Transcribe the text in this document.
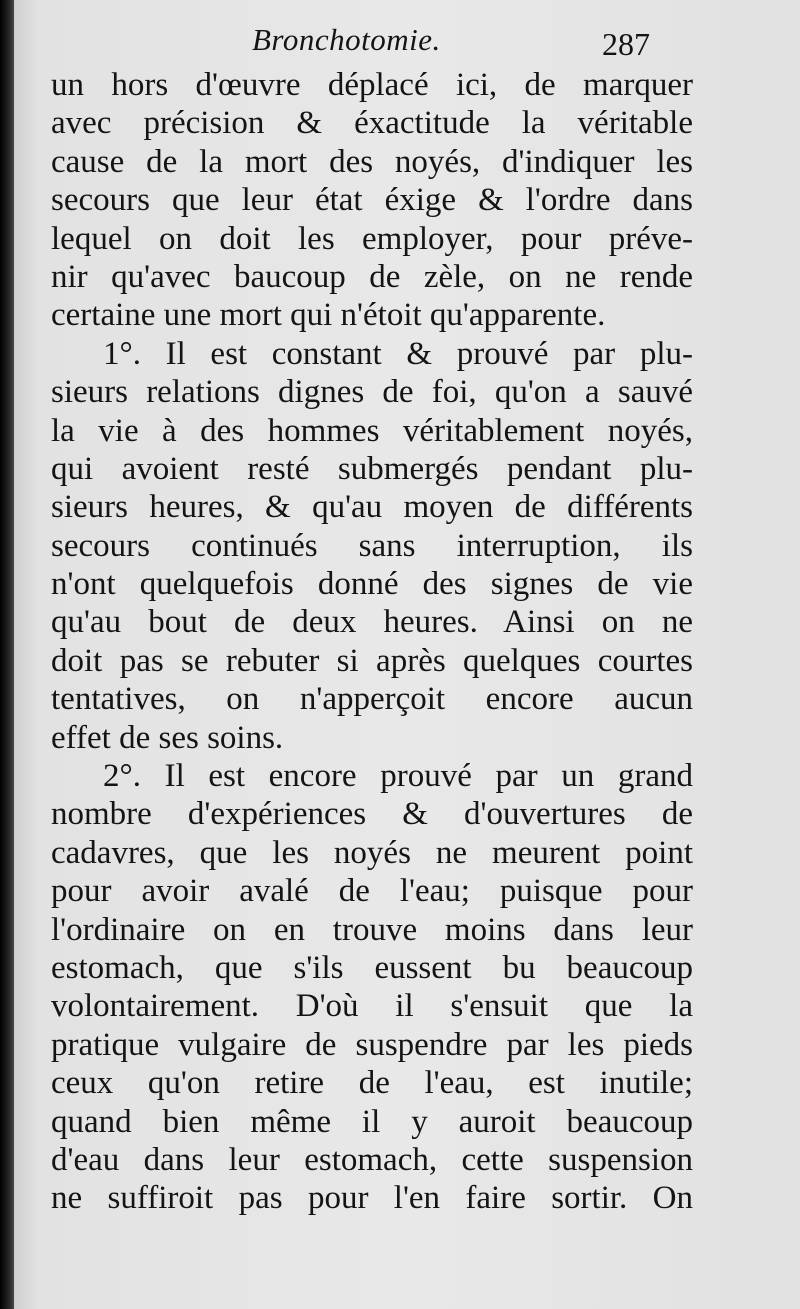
Bronchotomie.	287
un hors d'œuvre déplacé ici, de marquer
avec précision & éxactitude la véritable
cause de la mort des noyés, d'indiquer les
secours que leur état éxige & l'ordre dans
lequel on doit les employer, pour préve-
nir qu'avec baucoup de zèle, on ne rende
certaine une mort qui n'étoit qu'apparente.
1°. Il est constant & prouvé par plu-
sieurs relations dignes de foi, qu'on a sauvé
la vie à des hommes véritablement noyés,
qui avoient resté submergés pendant plu-
sieurs heures, & qu'au moyen de différents
secours continués sans interruption, ils
n'ont quelquefois donné des signes de vie
qu'au bout de deux heures. Ainsi on ne
doit pas se rebuter si après quelques courtes
tentatives, on n'apperçoit encore aucun
effet de ses soins.
2°. Il est encore prouvé par un grand
nombre d'expériences & d'ouvertures de
cadavres, que les noyés ne meurent point
pour avoir avalé de l'eau; puisque pour
l'ordinaire on en trouve moins dans leur
estomach, que s'ils eussent bu beaucoup
volontairement. D'où il s'ensuit que la
pratique vulgaire de suspendre par les pieds
ceux qu'on retire de l'eau, est inutile;
quand bien même il y auroit beaucoup
d'eau dans leur estomach, cette suspension
ne suffiroit pas pour l'en faire sortir. On
